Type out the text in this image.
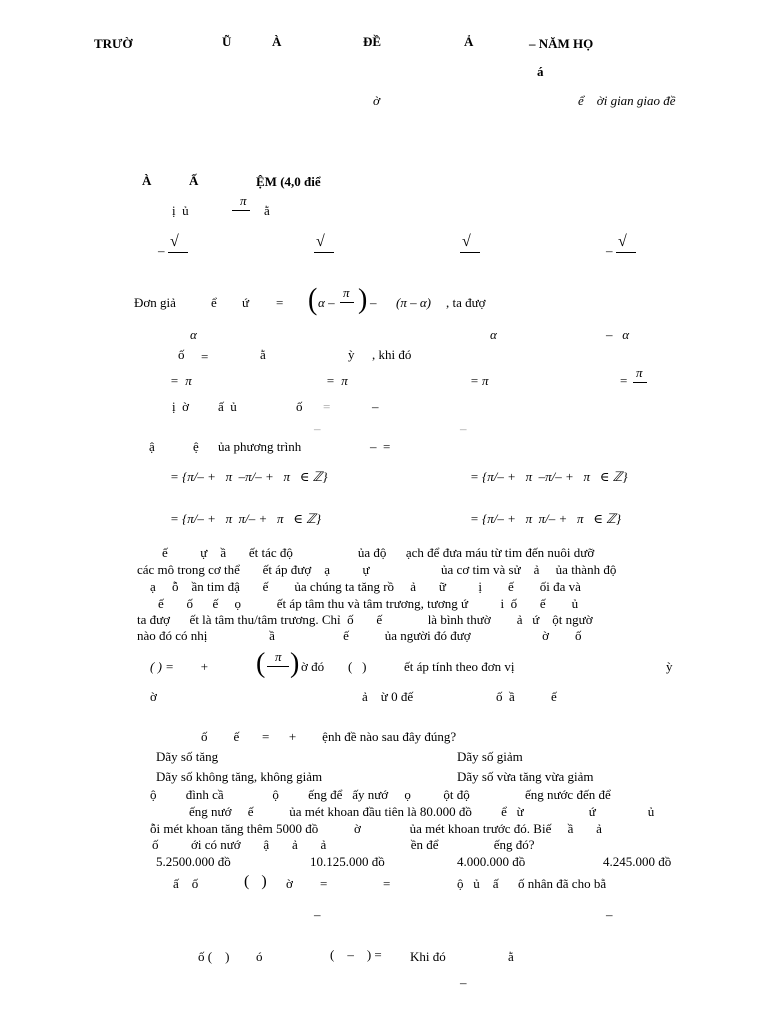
TRƯỜ	Ũ	À	ĐỀ	Ả	– NĂM HỌ
á
ờ	ể    ời gian giao đề
À	Ấ	ỆM (4,0 điể
ị  ủ
π
ằ
–
√	√	√
–
√
Đơn giả	ể ứ = ( α –
π ) – (π – α) , ta đượ
α	α	–   α
ố =	ằ	ỳ , khi đó
=  π	=  π	= π	=
π
ị  ờ ấ  ủ	ố =	–
–	–
ậ	ệ ủa phương trình	–  =
= {π/– +   π  –π/– +   π   ∈ ℤ}	= {π/– +   π  –π/– +   π   ∈ ℤ}
= {π/– +   π  π/– +   π   ∈ ℤ}	= {π/– +   π  π/– +   π   ∈ ℤ}
ế          ự    ầ       ết tác độ                    ủa độ      ạch để đưa máu từ tim đến nuôi dưỡ
các mô trong cơ thể       ết áp đượ    ạ          ự                      ủa cơ tim và sử    ả     ủa thành độ
ạ     ỗ    ần tim đậ       ế        ủa chúng ta tăng rồ     ả       ữ          ị        ế        ối đa và
ế       ố      ế     ọ           ết áp tâm thu và tâm trương, tương ứ          i  ố       ế        ủ
ta đượ      ết là tâm thu/tâm trương. Chỉ  ố       ế              là bình thườ        ả   ứ    ột ngườ
nào đó có nhị                   ầ                     ế           ủa người đó đượ                      ờ        ố
( ) =        + ( π ) ờ đó (   )	ết áp tính theo đơn vị	ỳ
ờ	ả    ừ 0 đế	ố  ầ	ế
ố        ế       =      +        ệnh đề nào sau đây đúng?
Dãy số tăng	Dãy số giảm
Dãy số không tăng, không giảm	Dãy số vừa tăng vừa giảm
ộ         đình cầ               ộ         ếng để   ấy nướ     ọ          ột độ                 ếng nước đến để
ếng nướ     ế           ủa mét khoan đầu tiên là 80.000 đồ         ể   ừ                    ứ                ủ
ỗi mét khoan tăng thêm 5000 đồ           ờ               ủa mét khoan trước đó. Biế     ầ       ả
ố          ới có nướ       ậ       ả       ả                          ền để                 ếng đó?
5.2500.000 đồ	10.125.000 đồ	4.000.000 đồ	4.245.000 đồ
ấ    ố	(   ) ờ =	=	ộ   ủ    ấ      ố nhân đã cho bằ
–	–
ố (    ) ó	(    –    ) = Khi đó	ằ
–
